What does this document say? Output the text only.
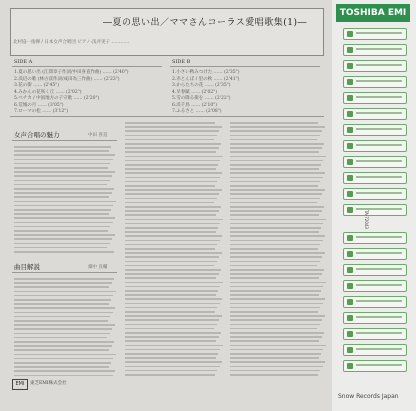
―夏の思い出／ママさんコーラス愛唱歌集(1)―
北村協一指揮 / 日本女声合唱団 ピアノ:浅井実子 …………
SIDE A
1.夏の思い出 (江間章子作詞/中田喜直作曲) …… (2'40")
2.浜辺の歌 (林古渓作詞/成田為三作曲) …… (2'23")
3.花の街 …… (2'45")
4.みかんの花咲く丘 …… (2'02")
5.ぺチカ / 中国地方の子守歌 …… (2'20")
6.荒城の月 …… (3'05")
7.ローマの松 …… (3'12")
SIDE B
1.小さい秋みつけた …… (2'35")
2.赤とんぼ / 里の秋 …… (2'41")
3.からたちの花 …… (2'35")
4.早春賦 …… (2'02")
5.雪の降る街を …… (2'22")
6.浜千鳥 …… (2'10")
7.ふるさと …… (2'08")
女声合唱の魅力	中田 喜直
曲目解説	畑中 良輔
EMI	東芝EMI株式会社
TOSHIBA EMI
TA-72043
Snow Records Japan
